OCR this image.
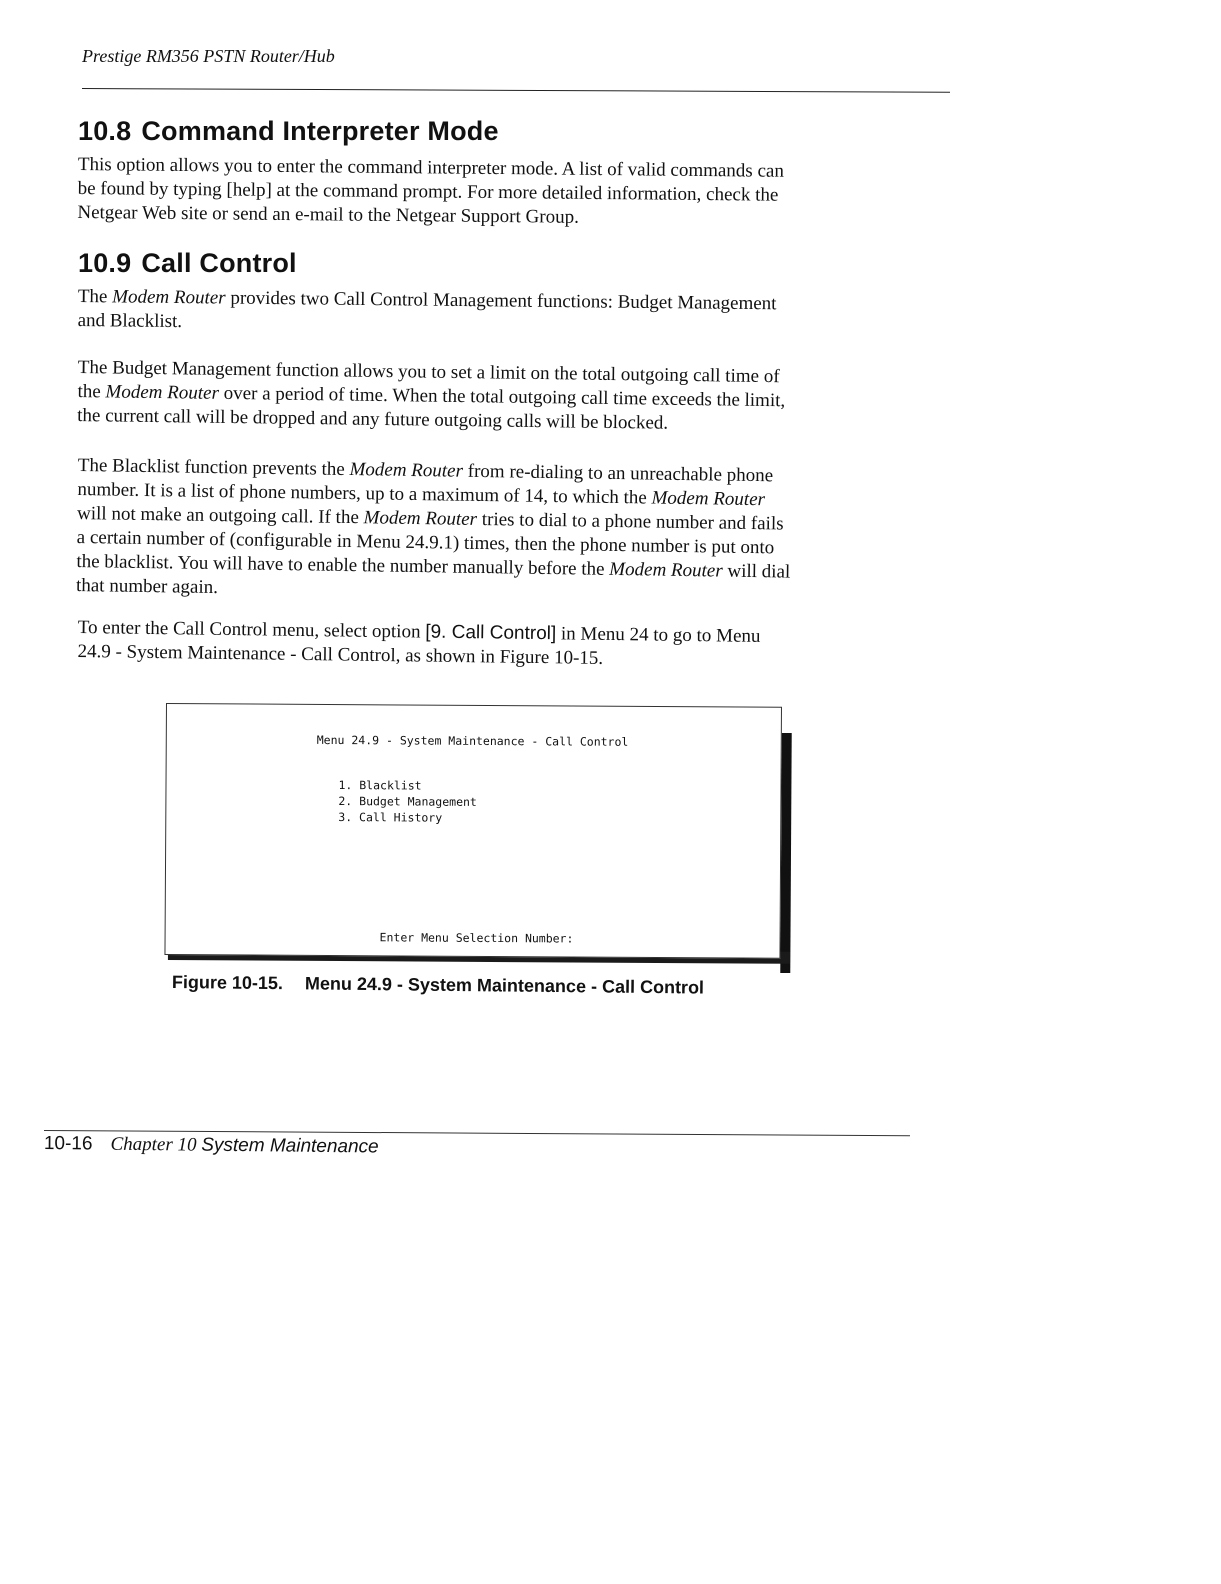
Prestige RM356 PSTN Router/Hub
10.8 Command Interpreter Mode

This option allows you to enter the command interpreter mode. A list of valid commands can
be found by typing [help] at the command prompt. For more detailed information, check the
Netgear Web site or send an e-mail to the Netgear Support Group.

10.9 Call Control

The Modem Router provides two Call Control Management functions: Budget Management
and Blacklist.

The Budget Management function allows you to set a limit on the total outgoing call time of
the Modem Router over a period of time. When the total outgoing call time exceeds the limit,
the current call will be dropped and any future outgoing calls will be blocked.

The Blacklist function prevents the Modem Router from re-dialing to an unreachable phone
number. It is a list of phone numbers, up to a maximum of 14, to which the Modem Router
will not make an outgoing call. If the Modem Router tries to dial to a phone number and fails
a certain number of (configurable in Menu 24.9.1) times, then the phone number is put onto
the blacklist. You will have to enable the number manually before the Modem Router will dial
that number again.

To enter the Call Control menu, select option [9. Call Control] in Menu 24 to go to Menu
24.9 - System Maintenance - Call Control, as shown in Figure 10-15.

Menu 24.9 - System Maintenance - Call Control
1. Blacklist
2. Budget Management
3. Call History
Enter Menu Selection Number:
Figure 10-15. Menu 24.9 - System Maintenance - Call Control
10-16 Chapter 10 System Maintenance
